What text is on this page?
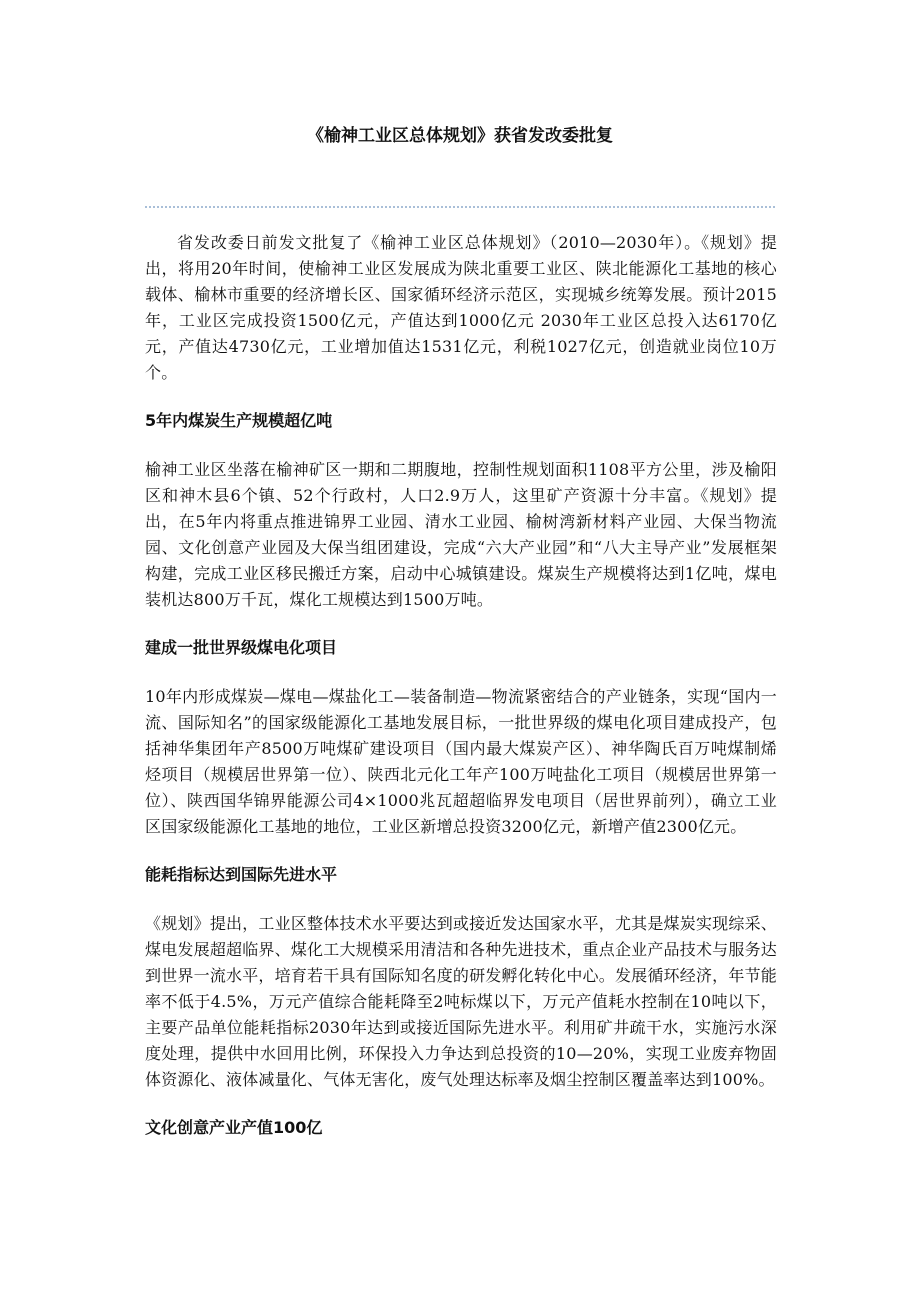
《榆神工业区总体规划》获省发改委批复

省发改委日前发文批复了《榆神工业区总体规划》（2010—2030年）。《规划》提出，将用20年时间，使榆神工业区发展成为陕北重要工业区、陕北能源化工基地的核心载体、榆林市重要的经济增长区、国家循环经济示范区，实现城乡统筹发展。预计2015年，工业区完成投资1500亿元，产值达到1000亿元 2030年工业区总投入达6170亿元，产值达4730亿元，工业增加值达1531亿元，利税1027亿元，创造就业岗位10万个。

5年内煤炭生产规模超亿吨

榆神工业区坐落在榆神矿区一期和二期腹地，控制性规划面积1108平方公里，涉及榆阳区和神木县6个镇、52个行政村，人口2.9万人，这里矿产资源十分丰富。《规划》提出，在5年内将重点推进锦界工业园、清水工业园、榆树湾新材料产业园、大保当物流园、文化创意产业园及大保当组团建设，完成“六大产业园”和“八大主导产业”发展框架构建，完成工业区移民搬迁方案，启动中心城镇建设。煤炭生产规模将达到1亿吨，煤电装机达800万千瓦，煤化工规模达到1500万吨。

建成一批世界级煤电化项目

10年内形成煤炭—煤电—煤盐化工—装备制造—物流紧密结合的产业链条，实现“国内一流、国际知名”的国家级能源化工基地发展目标，一批世界级的煤电化项目建成投产，包括神华集团年产8500万吨煤矿建设项目（国内最大煤炭产区）、神华陶氏百万吨煤制烯烃项目（规模居世界第一位）、陕西北元化工年产100万吨盐化工项目（规模居世界第一位）、陕西国华锦界能源公司4×1000兆瓦超超临界发电项目（居世界前列），确立工业区国家级能源化工基地的地位，工业区新增总投资3200亿元，新增产值2300亿元。

能耗指标达到国际先进水平

《规划》提出，工业区整体技术水平要达到或接近发达国家水平，尤其是煤炭实现综采、煤电发展超超临界、煤化工大规模采用清洁和各种先进技术，重点企业产品技术与服务达到世界一流水平，培育若干具有国际知名度的研发孵化转化中心。发展循环经济，年节能率不低于4.5%，万元产值综合能耗降至2吨标煤以下，万元产值耗水控制在10吨以下，主要产品单位能耗指标2030年达到或接近国际先进水平。利用矿井疏干水，实施污水深度处理，提供中水回用比例，环保投入力争达到总投资的10—20%，实现工业废弃物固体资源化、液体减量化、气体无害化，废气处理达标率及烟尘控制区覆盖率达到100%。

文化创意产业产值100亿
